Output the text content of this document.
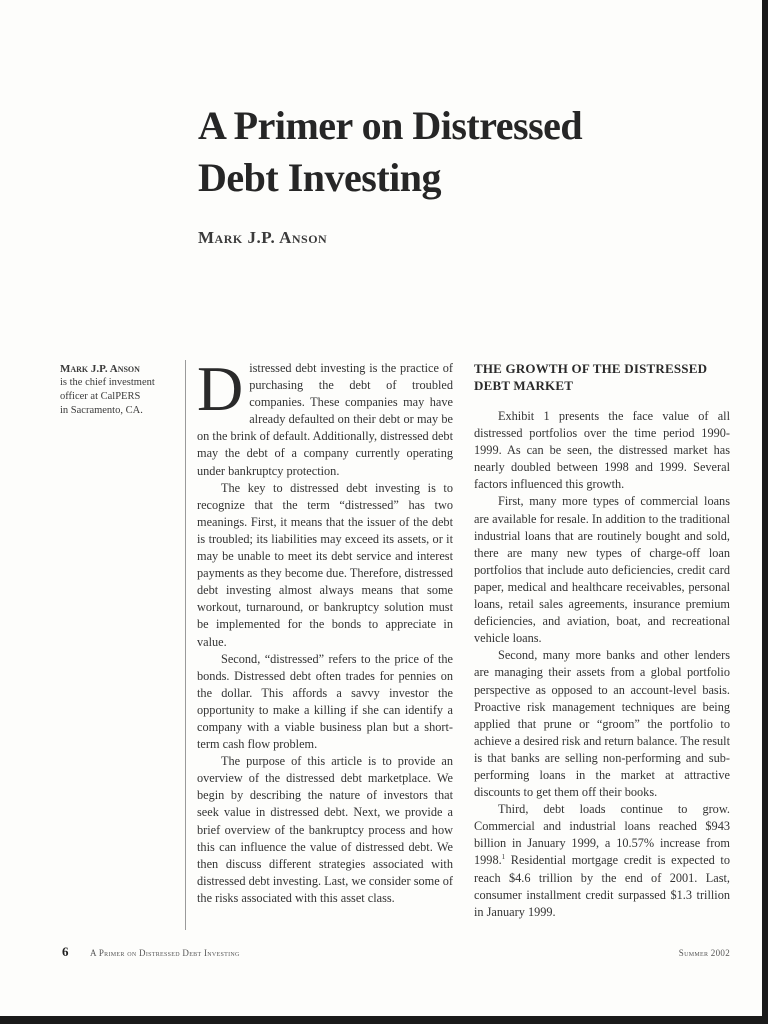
A Primer on Distressed
Debt Investing
Mark J.P. Anson
Mark J.P. Anson
is the chief investment
officer at CalPERS
in Sacramento, CA. Distressed debt investing is the practice of purchasing the debt of troubled companies. These companies may have already defaulted on their debt or may be on the brink of default. Additionally, distressed debt may the debt of a company currently operating under bankruptcy protection.

The key to distressed debt investing is to recognize that the term “distressed” has two meanings. First, it means that the issuer of the debt is troubled; its liabilities may exceed its assets, or it may be unable to meet its debt service and interest payments as they become due. Therefore, distressed debt investing almost always means that some workout, turnaround, or bankruptcy solution must be implemented for the bonds to appreciate in value.

Second, “distressed” refers to the price of the bonds. Distressed debt often trades for pennies on the dollar. This affords a savvy investor the opportunity to make a killing if she can identify a company with a viable business plan but a short-term cash flow problem.

The purpose of this article is to provide an overview of the distressed debt marketplace. We begin by describing the nature of investors that seek value in distressed debt. Next, we provide a brief overview of the bankruptcy process and how this can influence the value of distressed debt. We then discuss different strategies associated with distressed debt investing. Last, we consider some of the risks associated with this asset class.

THE GROWTH OF THE DISTRESSED DEBT MARKET

Exhibit 1 presents the face value of all distressed portfolios over the time period 1990-1999. As can be seen, the distressed market has nearly doubled between 1998 and 1999. Several factors influenced this growth.

First, many more types of commercial loans are available for resale. In addition to the traditional industrial loans that are routinely bought and sold, there are many new types of charge-off loan portfolios that include auto deficiencies, credit card paper, medical and healthcare receivables, personal loans, retail sales agreements, insurance premium deficiencies, and aviation, boat, and recreational vehicle loans.

Second, many more banks and other lenders are managing their assets from a global portfolio perspective as opposed to an account-level basis. Proactive risk management techniques are being applied that prune or “groom” the portfolio to achieve a desired risk and return balance. The result is that banks are selling non-performing and sub-performing loans in the market at attractive discounts to get them off their books.

Third, debt loads continue to grow. Commercial and industrial loans reached $943 billion in January 1999, a 10.57% increase from 1998.$^1$ Residential mortgage credit is expected to reach $4.6 trillion by the end of 2001. Last, consumer installment credit surpassed $1.3 trillion in January 1999.

6 A Primer on Distressed Debt Investing	Summer 2002
